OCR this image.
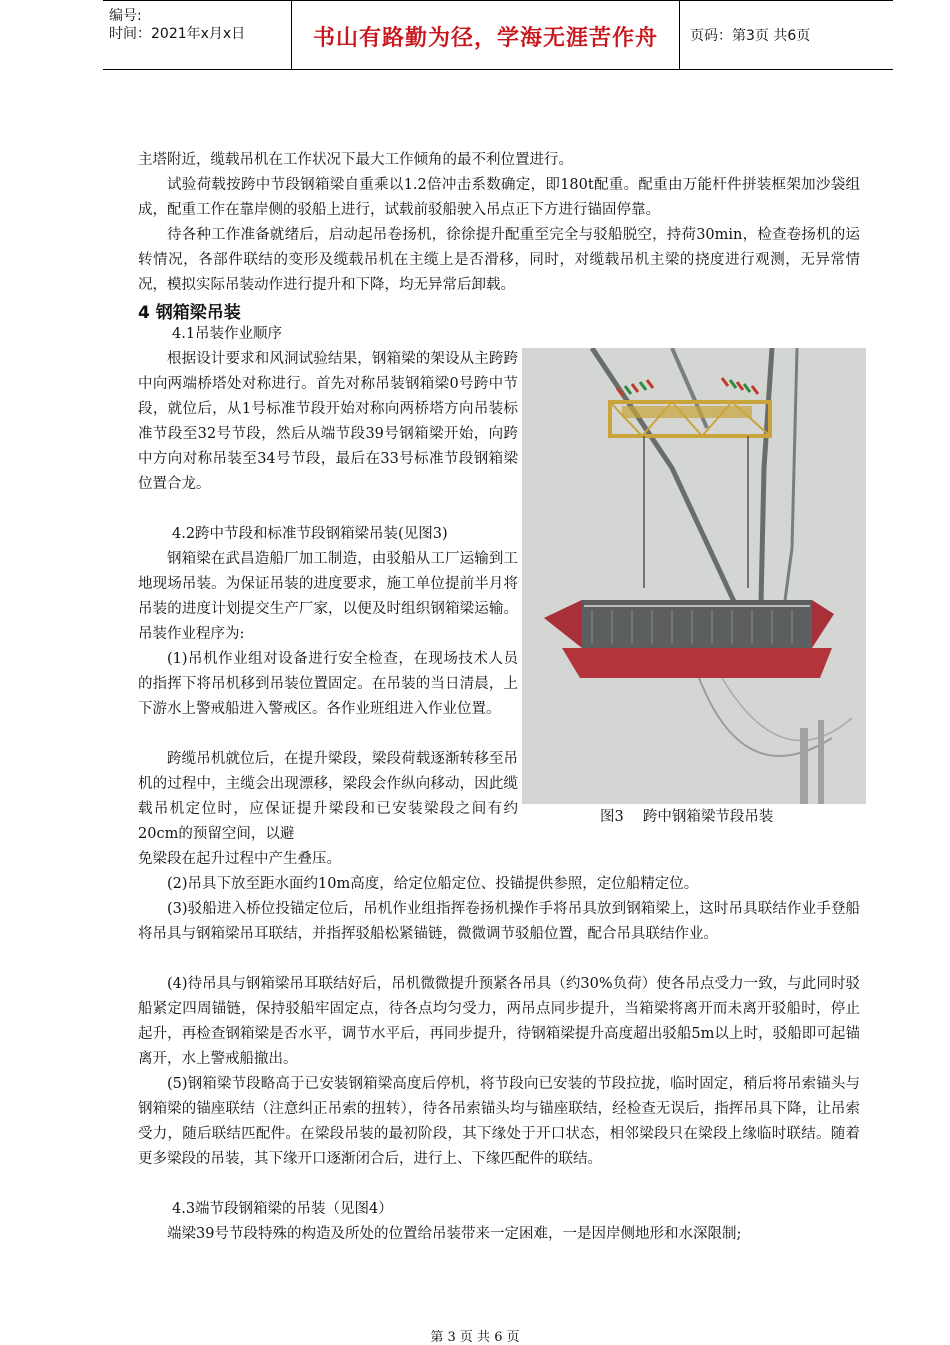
编号:
时间：2021年x月x日	书山有路勤为径，学海无涯苦作舟	页码：第3页 共6页

主塔附近，缆载吊机在工作状况下最大工作倾角的最不利位置进行。

试验荷载按跨中节段钢箱梁自重乘以1.2倍冲击系数确定，即180t配重。配重由万能杆件拼装框架加沙袋组成，配重工作在靠岸侧的驳船上进行，试载前驳船驶入吊点正下方进行锚固停靠。

待各种工作准备就绪后，启动起吊卷扬机，徐徐提升配重至完全与驳船脱空，持荷30min，检查卷扬机的运转情况，各部件联结的变形及缆载吊机在主缆上是否滑移，同时，对缆载吊机主梁的挠度进行观测，无异常情况，模拟实际吊装动作进行提升和下降，均无异常后卸载。

4 钢箱梁吊装

4.1吊装作业顺序

根据设计要求和风洞试验结果，钢箱梁的架设从主跨跨中向两端桥塔处对称进行。首先对称吊装钢箱梁0号跨中节段，就位后，从1号标准节段开始对称向两桥塔方向吊装标准节段至32号节段，然后从端节段39号钢箱梁开始，向跨中方向对称吊装至34号节段，最后在33号标准节段钢箱梁位置合龙。

4.2跨中节段和标准节段钢箱梁吊装(见图3)

钢箱梁在武昌造船厂加工制造，由驳船从工厂运输到工地现场吊装。为保证吊装的进度要求，施工单位提前半月将吊装的进度计划提交生产厂家，以便及时组织钢箱梁运输。吊装作业程序为:

(1)吊机作业组对设备进行安全检查，在现场技术人员的指挥下将吊机移到吊装位置固定。在吊装的当日清晨，上下游水上警戒船进入警戒区。各作业班组进入作业位置。

跨缆吊机就位后，在提升梁段，梁段荷载逐渐转移至吊机的过程中，主缆会出现漂移，梁段会作纵向移动，因此缆载吊机定位时，应保证提升梁段和已安装梁段之间有约20cm的预留空间，以避

免梁段在起升过程中产生叠压。

(2)吊具下放至距水面约10m高度，给定位船定位、投锚提供参照，定位船精定位。

(3)驳船进入桥位投锚定位后，吊机作业组指挥卷扬机操作手将吊具放到钢箱梁上，这时吊具联结作业手登船将吊具与钢箱梁吊耳联结，并指挥驳船松紧锚链，微微调节驳船位置，配合吊具联结作业。

(4)待吊具与钢箱梁吊耳联结好后，吊机微微提升预紧各吊具（约30%负荷）使各吊点受力一致，与此同时驳船紧定四周锚链，保持驳船牢固定点，待各点均匀受力，两吊点同步提升，当箱梁将离开而未离开驳船时，停止起升，再检查钢箱梁是否水平，调节水平后，再同步提升，待钢箱梁提升高度超出驳船5m以上时，驳船即可起锚离开，水上警戒船撤出。

(5)钢箱梁节段略高于已安装钢箱梁高度后停机，将节段向已安装的节段拉拢，临时固定，稍后将吊索锚头与钢箱梁的锚座联结（注意纠正吊索的扭转），待各吊索锚头均与锚座联结，经检查无误后，指挥吊具下降，让吊索受力，随后联结匹配件。在梁段吊装的最初阶段，其下缘处于开口状态，相邻梁段只在梁段上缘临时联结。随着更多梁段的吊装，其下缘开口逐渐闭合后，进行上、下缘匹配件的联结。

4.3端节段钢箱梁的吊装（见图4）

端梁39号节段特殊的构造及所处的位置给吊装带来一定困难，一是因岸侧地形和水深限制;

图3　 跨中钢箱梁节段吊装
第 3 页 共 6 页
